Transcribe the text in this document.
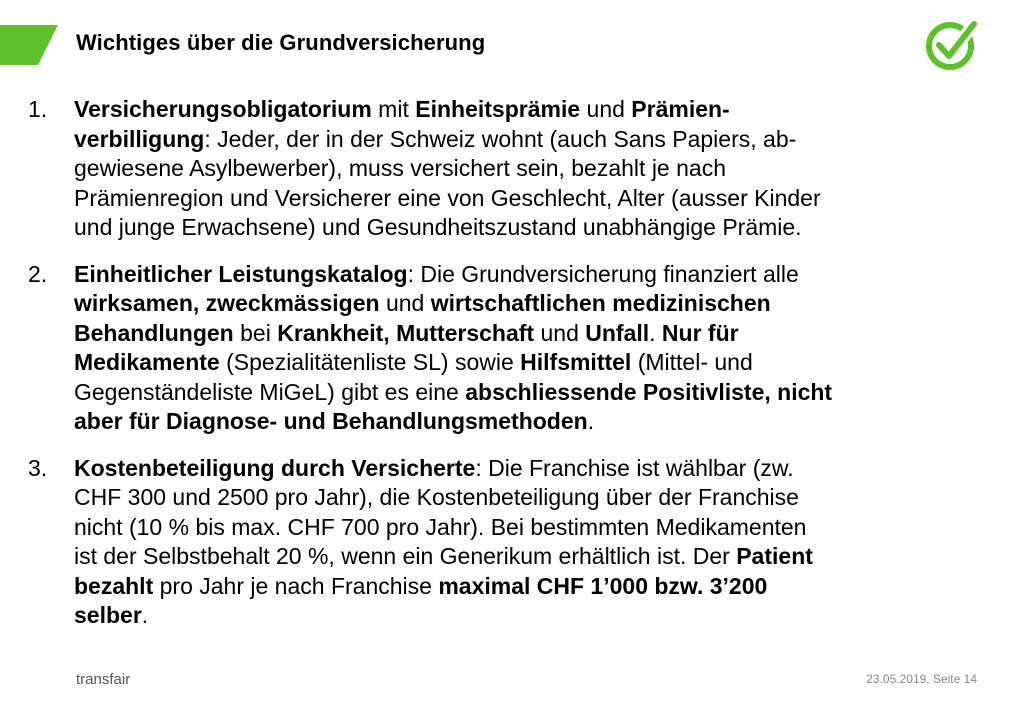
Wichtiges über die Grundversicherung
1.	Versicherungsobligatorium mit Einheitsprämie und Prämien-
verbilligung: Jeder, der in der Schweiz wohnt (auch Sans Papiers, ab-
gewiesene Asylbewerber), muss versichert sein, bezahlt je nach
Prämienregion und Versicherer eine von Geschlecht, Alter (ausser Kinder
und junge Erwachsene) und Gesundheitszustand unabhängige Prämie.
2.	Einheitlicher Leistungskatalog: Die Grundversicherung finanziert alle
wirksamen, zweckmässigen und wirtschaftlichen medizinischen
Behandlungen bei Krankheit, Mutterschaft und Unfall. Nur für
Medikamente (Spezialitätenliste SL) sowie Hilfsmittel (Mittel- und
Gegenständeliste MiGeL) gibt es eine abschliessende Positivliste, nicht
aber für Diagnose- und Behandlungsmethoden.
3.	Kostenbeteiligung durch Versicherte: Die Franchise ist wählbar (zw.
CHF 300 und 2500 pro Jahr), die Kostenbeteiligung über der Franchise
nicht (10 % bis max. CHF 700 pro Jahr). Bei bestimmten Medikamenten
ist der Selbstbehalt 20 %, wenn ein Generikum erhältlich ist. Der Patient
bezahlt pro Jahr je nach Franchise maximal CHF 1’000 bzw. 3’200
selber.
transfair	23.05.2019, Seite 14
